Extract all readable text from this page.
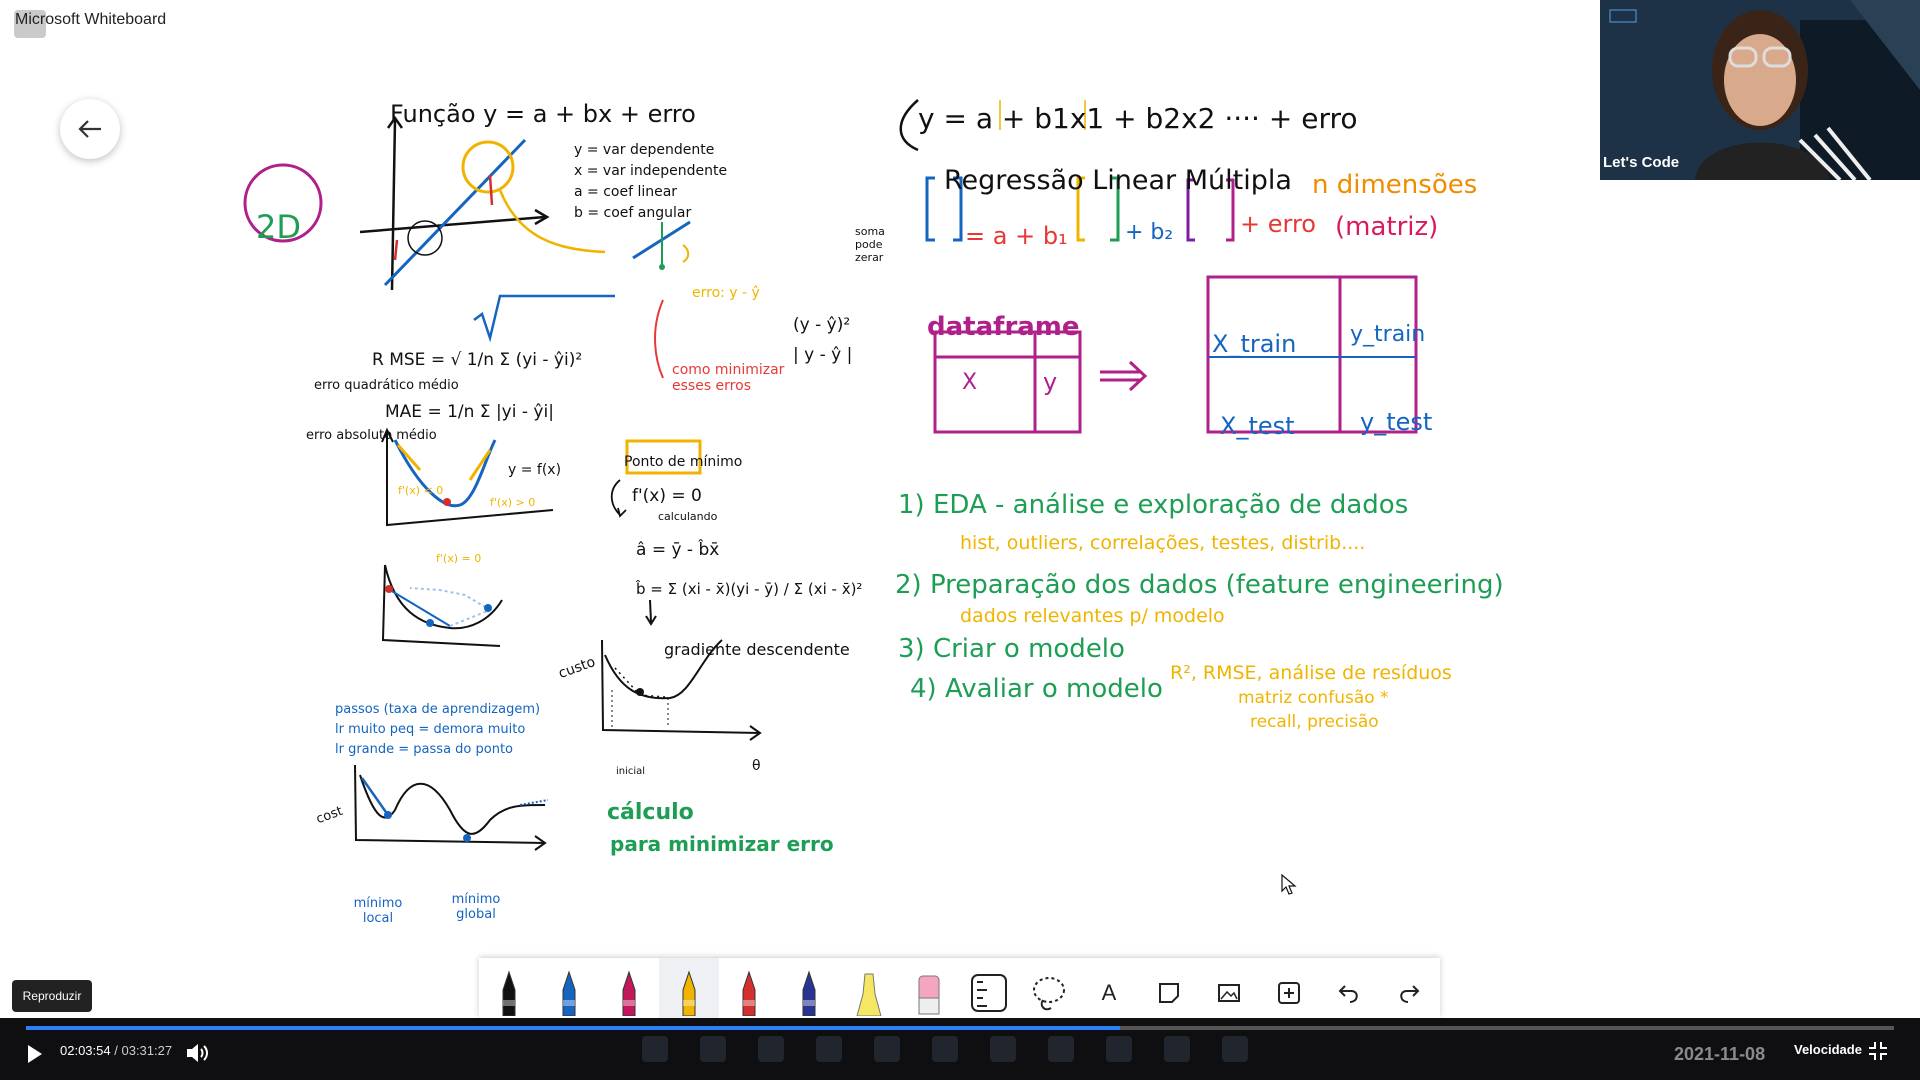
Microsoft Whiteboard
Função y = a + bx + erro
y = var dependente
x = var independente
a = coef linear
b = coef angular
2D
erro: y - ŷ
soma pode zerar
(y - ŷ)²
| y - ŷ |
R MSE = √ 1/n Σ (yi - ŷi)²
erro quadrático médio
MAE = 1/n Σ |yi - ŷi|
erro absoluto médio
como minimizar esses erros
Ponto de mínimo
f'(x) = 0
calculando
â = ȳ - b̂x̄
b̂ = Σ (xi - x̄)(yi - ȳ) / Σ (xi - x̄)²
gradiente descendente
y = f(x)
f'(x) < 0
f'(x) > 0
f'(x) = 0
passos (taxa de aprendizagem)
lr muito peq = demora muito
lr grande = passa do ponto
custo
cost
θ
inicial
mínimo local
mínimo global
cálculo
para minimizar erro
y = a + b1x1 + b2x2 ···· + erro
Regressão Linear Múltipla n dimensões
(matriz)
= a + b₁	+ b₂	+ erro
dataframe
X	y
X_train y_train
X_test	y_test
1) EDA - análise e exploração de dados
hist, outliers, correlações, testes, distrib....
2) Preparação dos dados (feature engineering)
dados relevantes p/ modelo
3) Criar o modelo
4) Avaliar o modelo
R², RMSE, análise de resíduos
matriz confusão *
recall, precisão
Let's Code
A
Reproduzir
02:03:54 / 03:31:27	2021-11-08 Velocidade
